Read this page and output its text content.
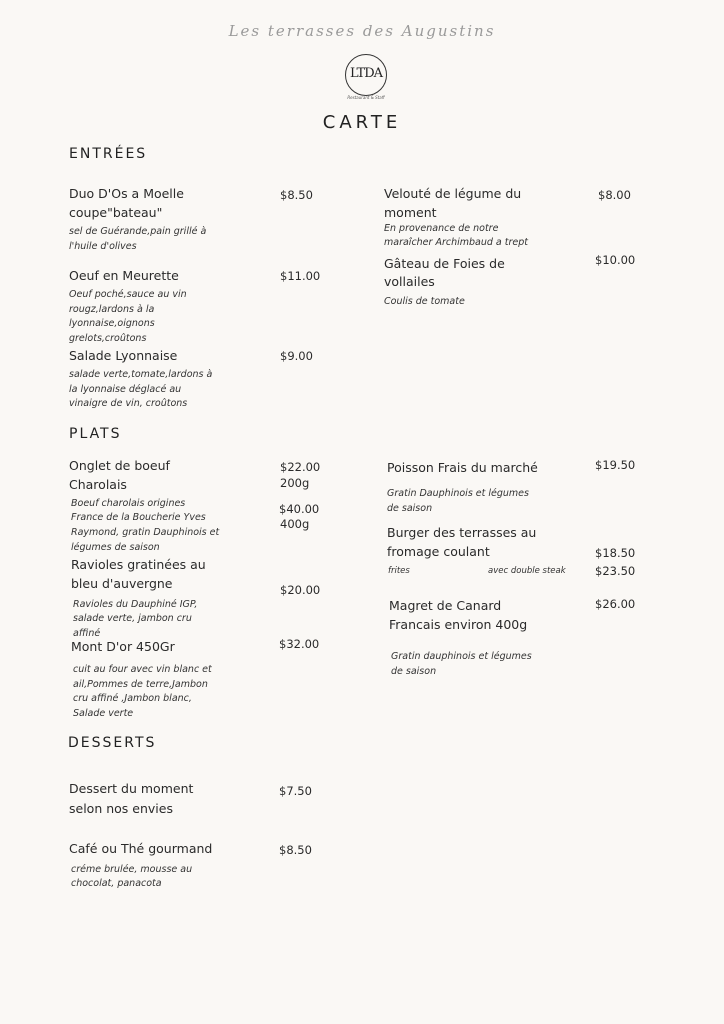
Les terrasses des Augustins
LTDA
Restaurant & Staff
CARTE
ENTRÉES
Duo D'Os a Moelle
coupe"bateau"
sel de Guérande,pain grillé à
l'huile d'olives
$8.50
Oeuf en Meurette
Oeuf poché,sauce au vin
rougz,lardons à la
lyonnaise,oignons
grelots,croûtons
$11.00
Salade Lyonnaise
salade verte,tomate,lardons à
la lyonnaise déglacé au
vinaigre de vin, croûtons
$9.00
Velouté de légume du
moment
En provenance de notre
maraîcher Archimbaud a trept
$8.00
Gâteau de Foies de
vollailes
Coulis de tomate
$10.00
PLATS
Onglet de boeuf
Charolais
Boeuf charolais origines
France de la Boucherie Yves
Raymond, gratin Dauphinois et
légumes de saison
$22.00
200g
$40.00
400g
Ravioles gratinées au
bleu d'auvergne
Ravioles du Dauphiné IGP,
salade verte, jambon cru
affiné
$20.00
Mont D'or 450Gr
cuit au four avec vin blanc et
ail,Pommes de terre,Jambon
cru affiné ,Jambon blanc,
Salade verte
$32.00
Poisson Frais du marché
Gratin Dauphinois et légumes
de saison
$19.50
Burger des terrasses au
fromage coulant
frites	avec double steak
$18.50
$23.50
Magret de Canard
Francais environ 400g
Gratin dauphinois et légumes
de saison
$26.00
DESSERTS
Dessert du moment
selon nos envies
$7.50
Café ou Thé gourmand
créme brulée, mousse au
chocolat, panacota
$8.50
